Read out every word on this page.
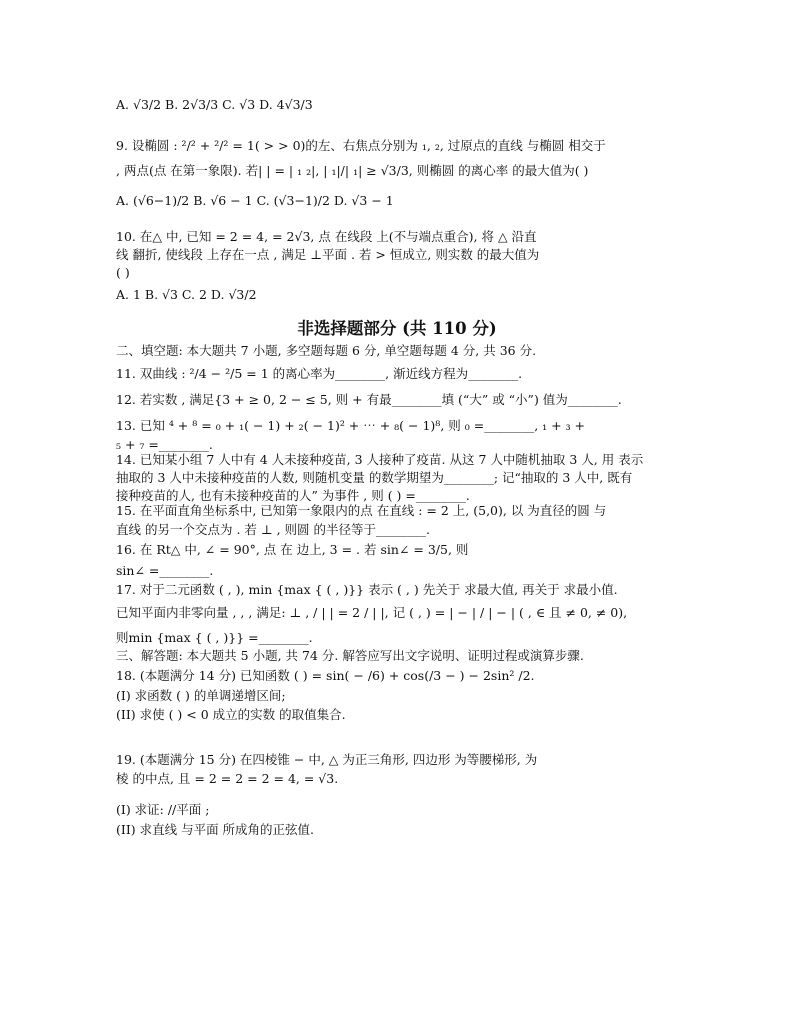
A. √3/2 B. 2√3/3 C. √3 D. 4√3/3

9. 设椭圆 : ²/² + ²/² = 1( > > 0)的左、右焦点分别为 ₁, ₂, 过原点的直线 与椭圆 相交于

, 两点(点 在第一象限). 若| | = | ₁ ₂|, | ₁|/| ₁| ≥ √3/3, 则椭圆 的离心率 的最大值为( )

A. (√6−1)/2 B. √6 − 1 C. (√3−1)/2 D. √3 − 1

10. 在△ 中, 已知 = 2 = 4, = 2√3, 点 在线段 上(不与端点重合), 将 △ 沿直

线 翻折, 使线段 上存在一点 , 满足 ⊥平面 . 若 > 恒成立, 则实数 的最大值为

( )

A. 1 B. √3 C. 2 D. √3/2

非选择题部分 (共 110 分)

二、填空题: 本大题共 7 小题, 多空题每题 6 分, 单空题每题 4 分, 共 36 分.

11. 双曲线 : ²/4 − ²/5 = 1 的离心率为________, 渐近线方程为________.

12. 若实数 , 满足{3 + ≥ 0, 2 − ≤ 5, 则 + 有最________填 (“大” 或 “小”) 值为________.

13. 已知 ⁴ + ⁸ = ₀ + ₁( − 1) + ₂( − 1)² + ⋯ + ₈( − 1)⁸, 则 ₀ =________, ₁ + ₃ +

₅ + ₇ =________.

14. 已知某小组 7 人中有 4 人未接种疫苗, 3 人接种了疫苗. 从这 7 人中随机抽取 3 人, 用 表示

抽取的 3 人中未接种疫苗的人数, 则随机变量 的数学期望为________; 记“抽取的 3 人中, 既有

接种疫苗的人, 也有未接种疫苗的人” 为事件 , 则 ( ) =________.

15. 在平面直角坐标系中, 已知第一象限内的点 在直线 : = 2 上, (5,0), 以 为直径的圆 与

直线 的另一个交点为 . 若 ⊥ , 则圆 的半径等于________.

16. 在 Rt△ 中, ∠ = 90°, 点 在 边上, 3 = . 若 sin∠ = 3/5, 则

sin∠ =________.

17. 对于二元函数 ( , ), min {max { ( , )}} 表示 ( , ) 先关于 求最大值, 再关于 求最小值.

已知平面内非零向量 , , , 满足: ⊥ , / | | = 2 / | |, 记 ( , ) = | − | / | − | ( , ∈ 且 ≠ 0, ≠ 0),

则min {max { ( , )}} =________.

三、解答题: 本大题共 5 小题, 共 74 分. 解答应写出文字说明、证明过程或演算步骤.

18. (本题满分 14 分) 已知函数 ( ) = sin( − /6) + cos(/3 − ) − 2sin² /2.

(I) 求函数 ( ) 的单调递增区间;

(II) 求使 ( ) < 0 成立的实数 的取值集合.

19. (本题满分 15 分) 在四棱锥 − 中, △ 为正三角形, 四边形 为等腰梯形, 为

棱 的中点, 且 = 2 = 2 = 2 = 4, = √3.

(I) 求证: //平面 ;

(II) 求直线 与平面 所成角的正弦值.
